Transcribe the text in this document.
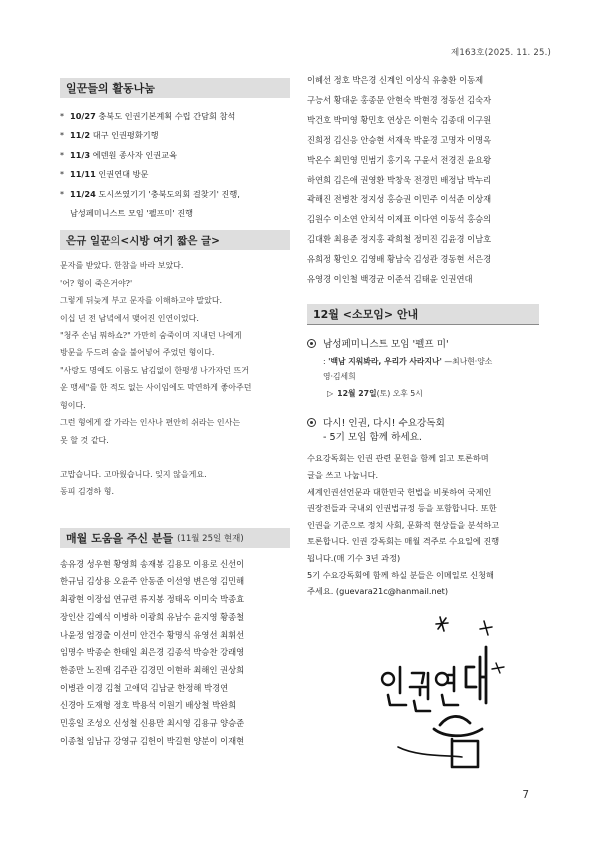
제163호(2025. 11. 25.)
일꾼들의 활동나눔
* 10/27 충북도 인권기본계획 수립 간담회 참석
* 11/2 대구 인권평화기행
* 11/3 에덴원 종사자 인권교육
* 11/11 인권연대 방문
* 11/24 도시쓰였기기 '충북도의회 걸찾기' 진행,
남성페미니스트 모임 '펠프미' 진행
은규 일꾼 의 <시방 여기 짧은 글>

문자를 받았다. 한참을 바라 보았다.

'어? 형이 죽은거야?'

그렇게 뒤늦게 부고 문자를 이해하고야 말았다.

이십 년 전 남녘에서 맺어진 인연이었다.

"청주 손님 뭐하쇼?" 가만히 숨죽이며 지내던 나에게

방문을 두드려 숨을 불어넣어 주었던 형이다.

"사랑도 명예도 이름도 남김없이 한평생 나가자던 뜨거

운 맹세"를 한 적도 없는 사이임에도 막연하게 좋아주던

형이다.

그런 형에게 잘 가라는 인사나 편안히 쉬라는 인사는

못 할 것 같다.

고맙습니다. 고마웠습니다. 잊지 않을게요.

동피 김경하 형.

매월 도움을 주신 분들 (11월 25일 현재)
송유경 성우현 황영희 송재봉 김용모 이용로 신선이
한규님 김상용 오윤주 안동준 이선영 변은영 김민해
최광현 이장섭 연규련 류지봉 정태옥 이미숙 박종효
장인산 김예식 이병하 이광희 유남수 윤지영 황종철
나윤정 엄경출 이선미 안건수 황명식 유영선 최휘선
임명수 박종순 한태일 최은경 김종석 박승찬 강래영
한종만 노진매 김주관 김경민 이현하 최해인 권상희
이병관 이경 김철 고애덕 김남균 한정해 박경연
신경아 도재형 정호 박용석 이원기 배상철 박완희
민홍일 조성오 신성철 신용만 최시영 김용규 양승준
이종철 임남규 강영규 김헌이 박길현 양분이 이재현
이혜선 정호 박은경 신계인 이상식 유충환 이동제
구능서 황대운 홍종문 안현숙 박현경 정동선 김숙자
박건호 박미영 황민호 연상은 이현숙 김종대 이구원
진희정 김신응 안승현 서재욱 박윤경 고명자 이명옥
박온수 최민영 민범기 홍기옥 구윤서 전경진 윤요왕
하연희 김은애 권영환 박창욱 전경민 배정남 박누리
곽해진 전병찬 정지성 홍승권 이민주 이석준 이상재
김원수 이소연 안치석 이제표 이다연 이동석 홍승의
김대환 최용준 정지홍 곽희철 정미진 김윤경 이남호
유희정 황인오 김영배 황남숙 김성관 경동현 서은경
유영경 이인철 백경균 이준석 김태윤 인권연대
12월 <소모임> 안내
남성페미니스트 모임 '펠프 미'
: '백남 지워봐라, 우리가 사라지나' —최나현·양소
영·김세희
▷ 12월 27일(토) 오후 5시
다시! 인권, 다시! 수요강독회
- 5기 모임 함께 하세요.

수요강독회는 인권 관련 문헌을 함께 읽고 토론하며

글을 쓰고 나눕니다.

세계인권선언문과 대한민국 헌법을 비롯하여 국제인

권장전들과 국내외 인권법규정 등을 포함합니다. 또한

인권을 기준으로 정치 사회, 문화적 현상들을 분석하고

토론합니다. 인권 강독회는 매월 격주로 수요일에 진행

됩니다.(매 기수 3년 과정)

5기 수요강독회에 함께 하실 분들은 이메일로 신청해

주세요. (guevara21c@hanmail.net)

7
